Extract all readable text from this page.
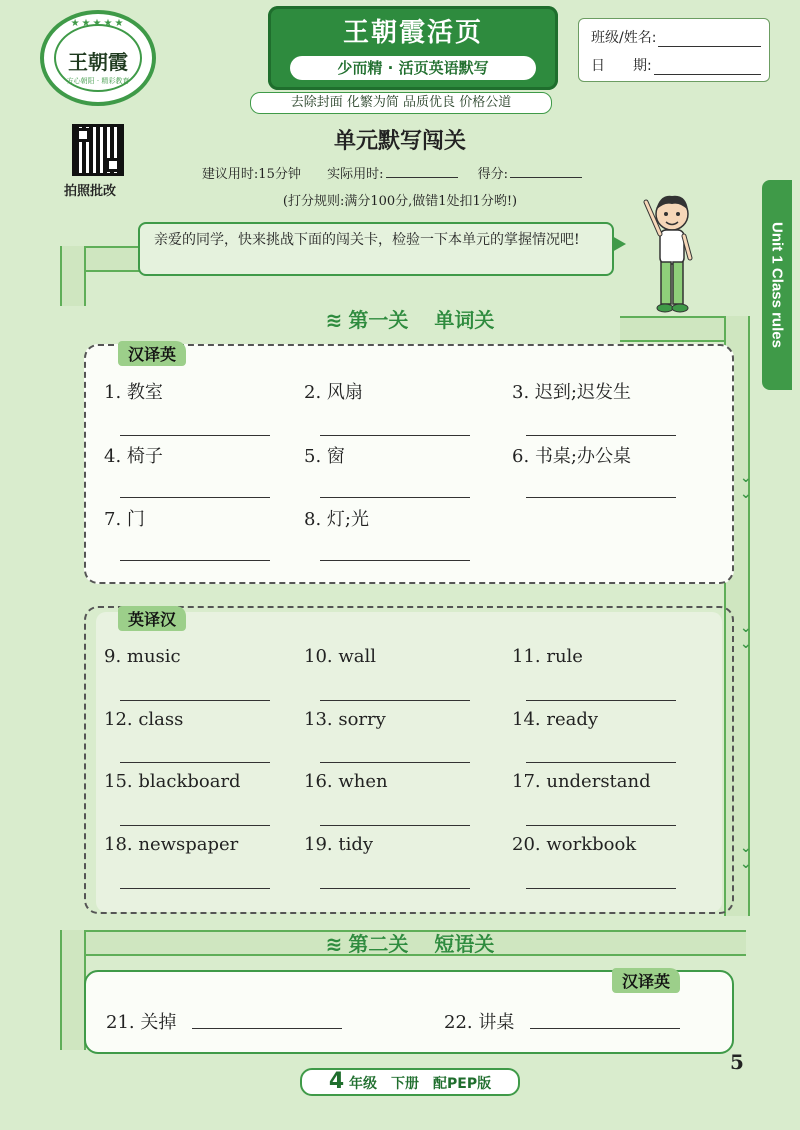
★★★★★
王朝霞
方心朝阳 · 精彩教育
王朝霞活页
少而精 · 活页英语默写
去除封面 化繁为简 品质优良 价格公道
班级/姓名:
日　　期:
拍照批改
单元默写闯关
建议用时:15分钟 实际用时:	得分:
(打分规则:满分100分,做错1处扣1分哟!)
亲爱的同学，快来挑战下面的闯关卡，检验一下本单元的掌握情况吧!	Unit 1 Class rules
⌄
⌄
⌄
⌄
⌄
⌄
≋ 第一关 单词关
汉译英
1. 教室	2. 风扇	3. 迟到;迟发生
4. 椅子	5. 窗	6. 书桌;办公桌
7. 门	8. 灯;光
英译汉
9. music	10. wall	11. rule
12. class	13. sorry	14. ready
15. blackboard	16. when	17. understand
18. newspaper	19. tidy	20. workbook
≋ 第二关 短语关
汉译英
21. 关掉	22. 讲桌
4 年级　下册　配PEP版
5
